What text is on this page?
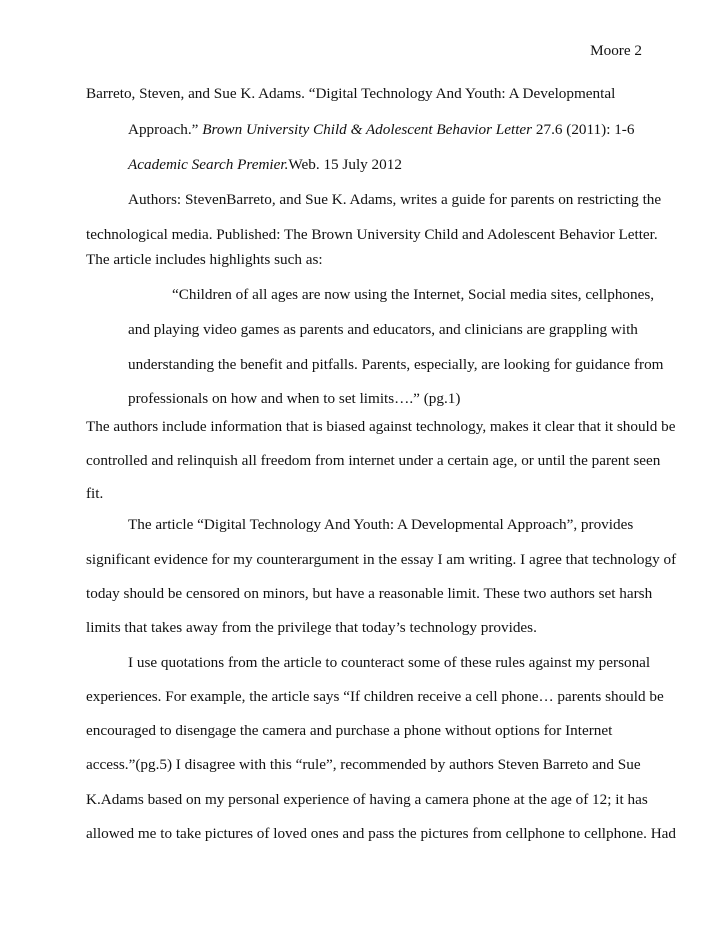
Moore 2
Barreto, Steven, and Sue K. Adams. “Digital Technology And Youth: A Developmental
Approach.” Brown University Child & Adolescent Behavior Letter 27.6 (2011): 1-6
Academic Search Premier.Web. 15 July 2012
Authors: StevenBarreto, and Sue K. Adams, writes a guide for parents on restricting the
technological media. Published: The Brown University Child and Adolescent Behavior Letter.
The article includes highlights such as:
“Children of all ages are now using the Internet, Social media sites, cellphones,
and playing video games as parents and educators, and clinicians are grappling with
understanding the benefit and pitfalls. Parents, especially, are looking for guidance from
professionals on how and when to set limits….” (pg.1)
The authors include information that is biased against technology, makes it clear that it should be
controlled and relinquish all freedom from internet under a certain age, or until the parent seen
fit.
The article “Digital Technology And Youth: A Developmental Approach”, provides
significant evidence for my counterargument in the essay I am writing. I agree that technology of
today should be censored on minors, but have a reasonable limit. These two authors set harsh
limits that takes away from the privilege that today’s technology provides.
I use quotations from the article to counteract some of these rules against my personal
experiences. For example, the article says “If children receive a cell phone… parents should be
encouraged to disengage the camera and purchase a phone without options for Internet
access.”(pg.5) I disagree with this “rule”, recommended by authors Steven Barreto and Sue
K.Adams based on my personal experience of having a camera phone at the age of 12; it has
allowed me to take pictures of loved ones and pass the pictures from cellphone to cellphone. Had
